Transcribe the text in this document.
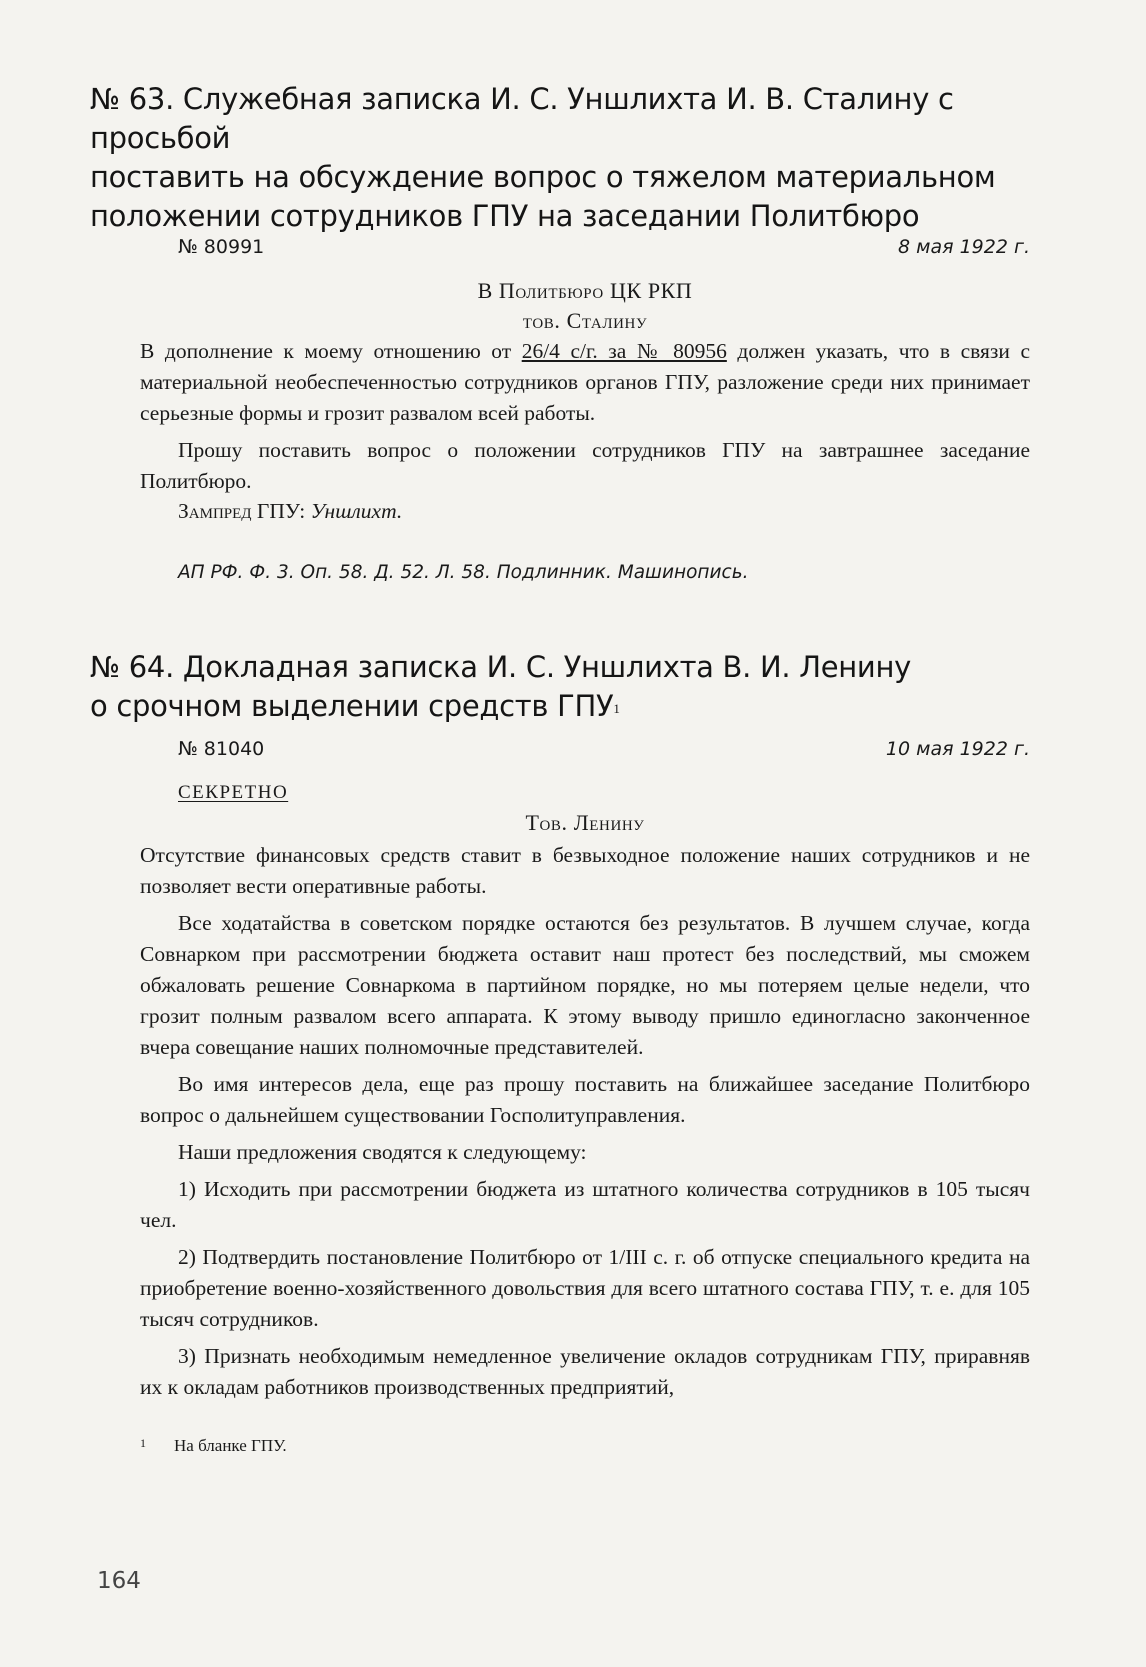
№ 63. Служебная записка И. С. Уншлихта И. В. Сталину с просьбой
поставить на обсуждение вопрос о тяжелом материальном
положении сотрудников ГПУ на заседании Политбюро
№ 80991	8 мая 1922 г.
В Политбюро ЦК РКП
тов. Сталину

В дополнение к моему отношению от 26/4 с/г. за № 80956 должен указать, что в связи с материальной необеспеченностью сотрудников органов ГПУ, разложение среди них принимает серьезные формы и грозит развалом всей работы.

Прошу поставить вопрос о положении сотрудников ГПУ на завтрашнее заседание Политбюро.

Зампред ГПУ: Уншлихт.
АП РФ. Ф. 3. Оп. 58. Д. 52. Л. 58. Подлинник. Машинопись.
№ 64. Докладная записка И. С. Уншлихта В. И. Ленину
о срочном выделении средств ГПУ$^1$
№ 81040	10 мая 1922 г.
СЕКРЕТНО
Тов. Ленину

Отсутствие финансовых средств ставит в безвыходное положение наших сотрудников и не позволяет вести оперативные работы.

Все ходатайства в советском порядке остаются без результатов. В лучшем случае, когда Совнарком при рассмотрении бюджета оставит наш протест без последствий, мы сможем обжаловать решение Совнаркома в партийном порядке, но мы потеряем целые недели, что грозит полным развалом всего аппарата. К этому выводу пришло единогласно законченное вчера совещание наших полномочные представителей.

Во имя интересов дела, еще раз прошу поставить на ближайшее заседание Политбюро вопрос о дальнейшем существовании Госполитуправления.

Наши предложения сводятся к следующему:

1) Исходить при рассмотрении бюджета из штатного количества сотрудников в 105 тысяч чел.

2) Подтвердить постановление Политбюро от 1/III с. г. об отпуске специального кредита на приобретение военно-хозяйственного довольствия для всего штатного состава ГПУ, т. е. для 105 тысяч сотрудников.

3) Признать необходимым немедленное увеличение окладов сотрудникам ГПУ, приравняв их к окладам работников производственных предприятий,

$^1$ На бланке ГПУ.
164
